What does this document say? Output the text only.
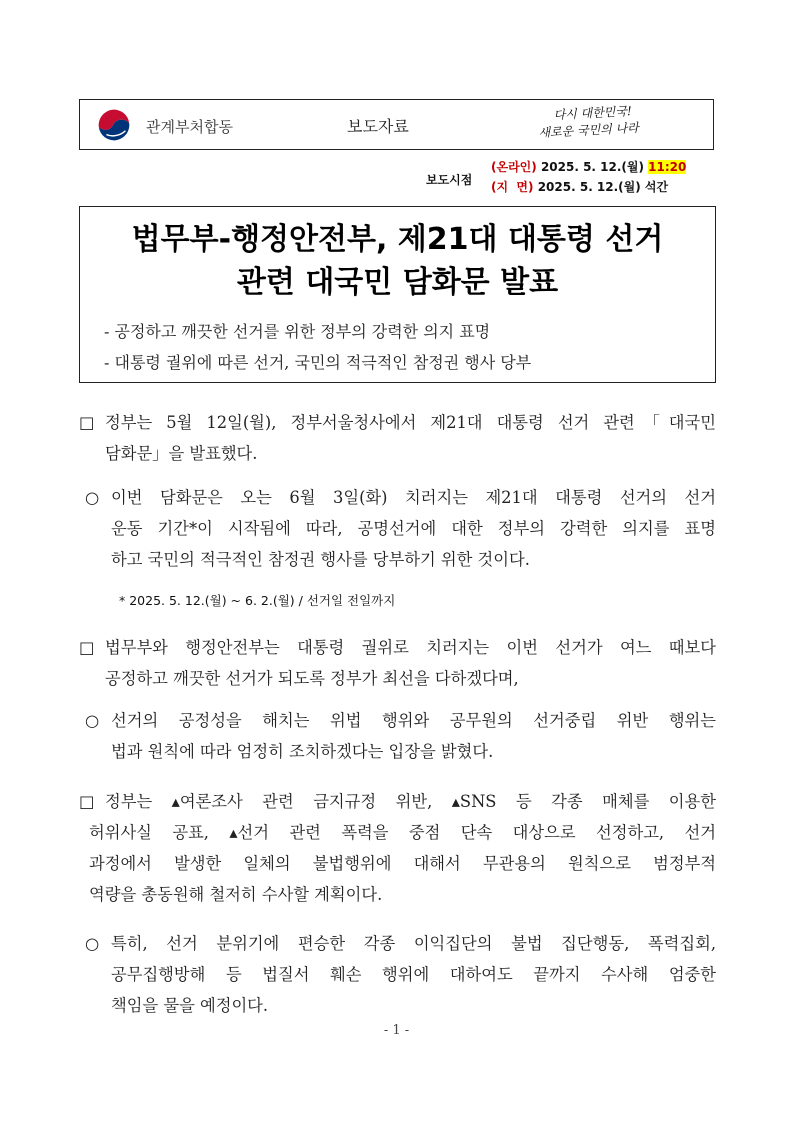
관계부처합동	보도자료
다시 대한민국!
새로운 국민의 나라
보도시점
(온라인) 2025. 5. 12.(월) 11:20
(지  면) 2025. 5. 12.(월) 석간
법무부-행정안전부, 제21대 대통령 선거
관련 대국민 담화문 발표
- 공정하고 깨끗한 선거를 위한 정부의 강력한 의지 표명
- 대통령 궐위에 따른 선거, 국민의 적극적인 참정권 행사 당부
□ 정부는 5월 12일(월), 정부서울청사에서 제21대 대통령 선거 관련「대국민
담화문」을 발표했다.
○ 이번 담화문은 오는 6월 3일(화) 치러지는 제21대 대통령 선거의 선거
운동 기간*이 시작됨에 따라, 공명선거에 대한 정부의 강력한 의지를 표명
하고 국민의 적극적인 참정권 행사를 당부하기 위한 것이다.
* 2025. 5. 12.(월) ~ 6. 2.(월) / 선거일 전일까지
□ 법무부와 행정안전부는 대통령 궐위로 치러지는 이번 선거가 여느 때보다
공정하고 깨끗한 선거가 되도록 정부가 최선을 다하겠다며,
○ 선거의 공정성을 해치는 위법 행위와 공무원의 선거중립 위반 행위는
법과 원칙에 따라 엄정히 조치하겠다는 입장을 밝혔다.
□ 정부는 ▴여론조사 관련 금지규정 위반, ▴SNS 등 각종 매체를 이용한
허위사실 공표, ▴선거 관련 폭력을 중점 단속 대상으로 선정하고, 선거
과정에서 발생한 일체의 불법행위에 대해서 무관용의 원칙으로 범정부적
역량을 총동원해 철저히 수사할 계획이다.
○ 특히, 선거 분위기에 편승한 각종 이익집단의 불법 집단행동, 폭력집회,
공무집행방해 등 법질서 훼손 행위에 대하여도 끝까지 수사해 엄중한
책임을 물을 예정이다.
- 1 -
